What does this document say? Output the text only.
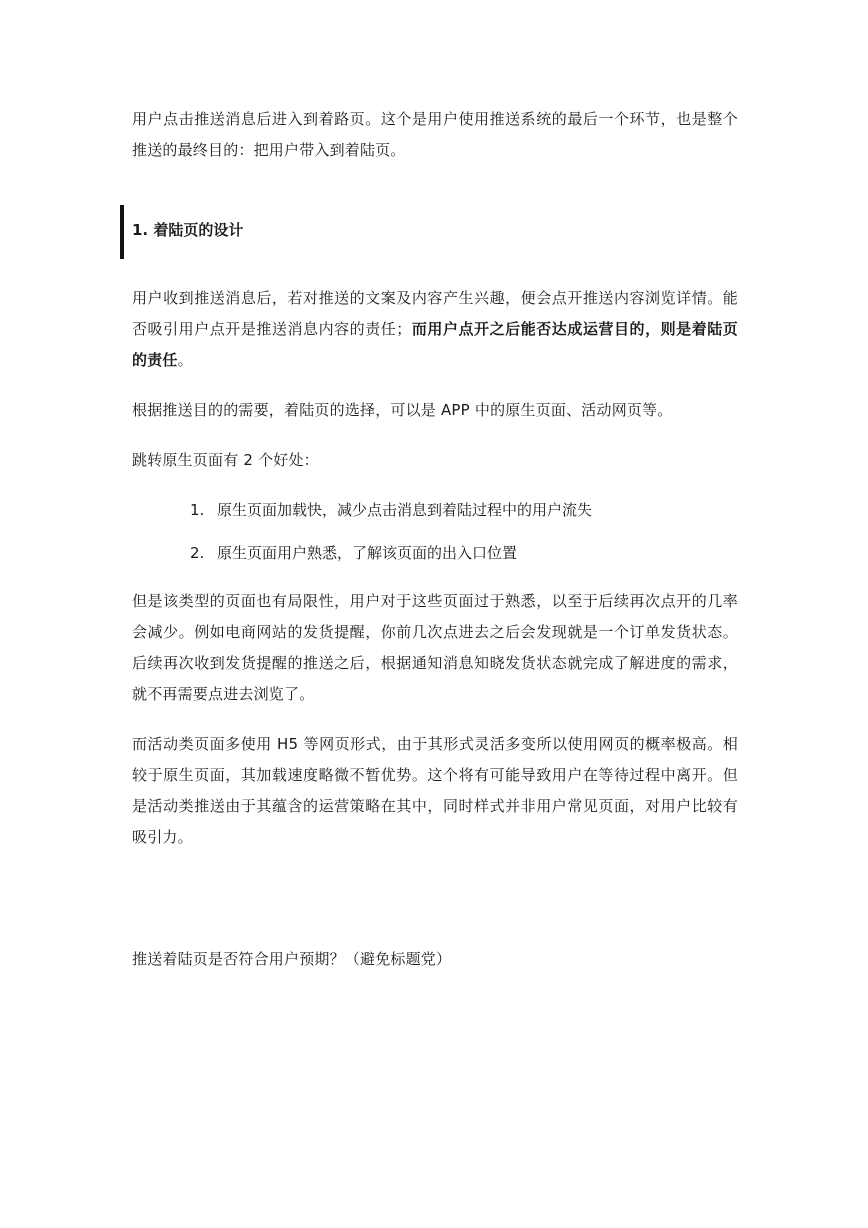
用户点击推送消息后进入到着路页。这个是用户使用推送系统的最后一个环节，也是整个推送的最终目的：把用户带入到着陆页。

1. 着陆页的设计

用户收到推送消息后，若对推送的文案及内容产生兴趣，便会点开推送内容浏览详情。能否吸引用户点开是推送消息内容的责任；而用户点开之后能否达成运营目的，则是着陆页的责任。

根据推送目的的需要，着陆页的选择，可以是 APP 中的原生页面、活动网页等。

跳转原生页面有 2 个好处：

1. 原生页面加载快，减少点击消息到着陆过程中的用户流失
2. 原生页面用户熟悉，了解该页面的出入口位置

但是该类型的页面也有局限性，用户对于这些页面过于熟悉，以至于后续再次点开的几率会减少。例如电商网站的发货提醒，你前几次点进去之后会发现就是一个订单发货状态。后续再次收到发货提醒的推送之后，根据通知消息知晓发货状态就完成了解进度的需求，就不再需要点进去浏览了。

而活动类页面多使用 H5 等网页形式，由于其形式灵活多变所以使用网页的概率极高。相较于原生页面，其加载速度略微不暂优势。这个将有可能导致用户在等待过程中离开。但是活动类推送由于其蕴含的运营策略在其中，同时样式并非用户常见页面，对用户比较有吸引力。

推送着陆页是否符合用户预期？（避免标题党）
